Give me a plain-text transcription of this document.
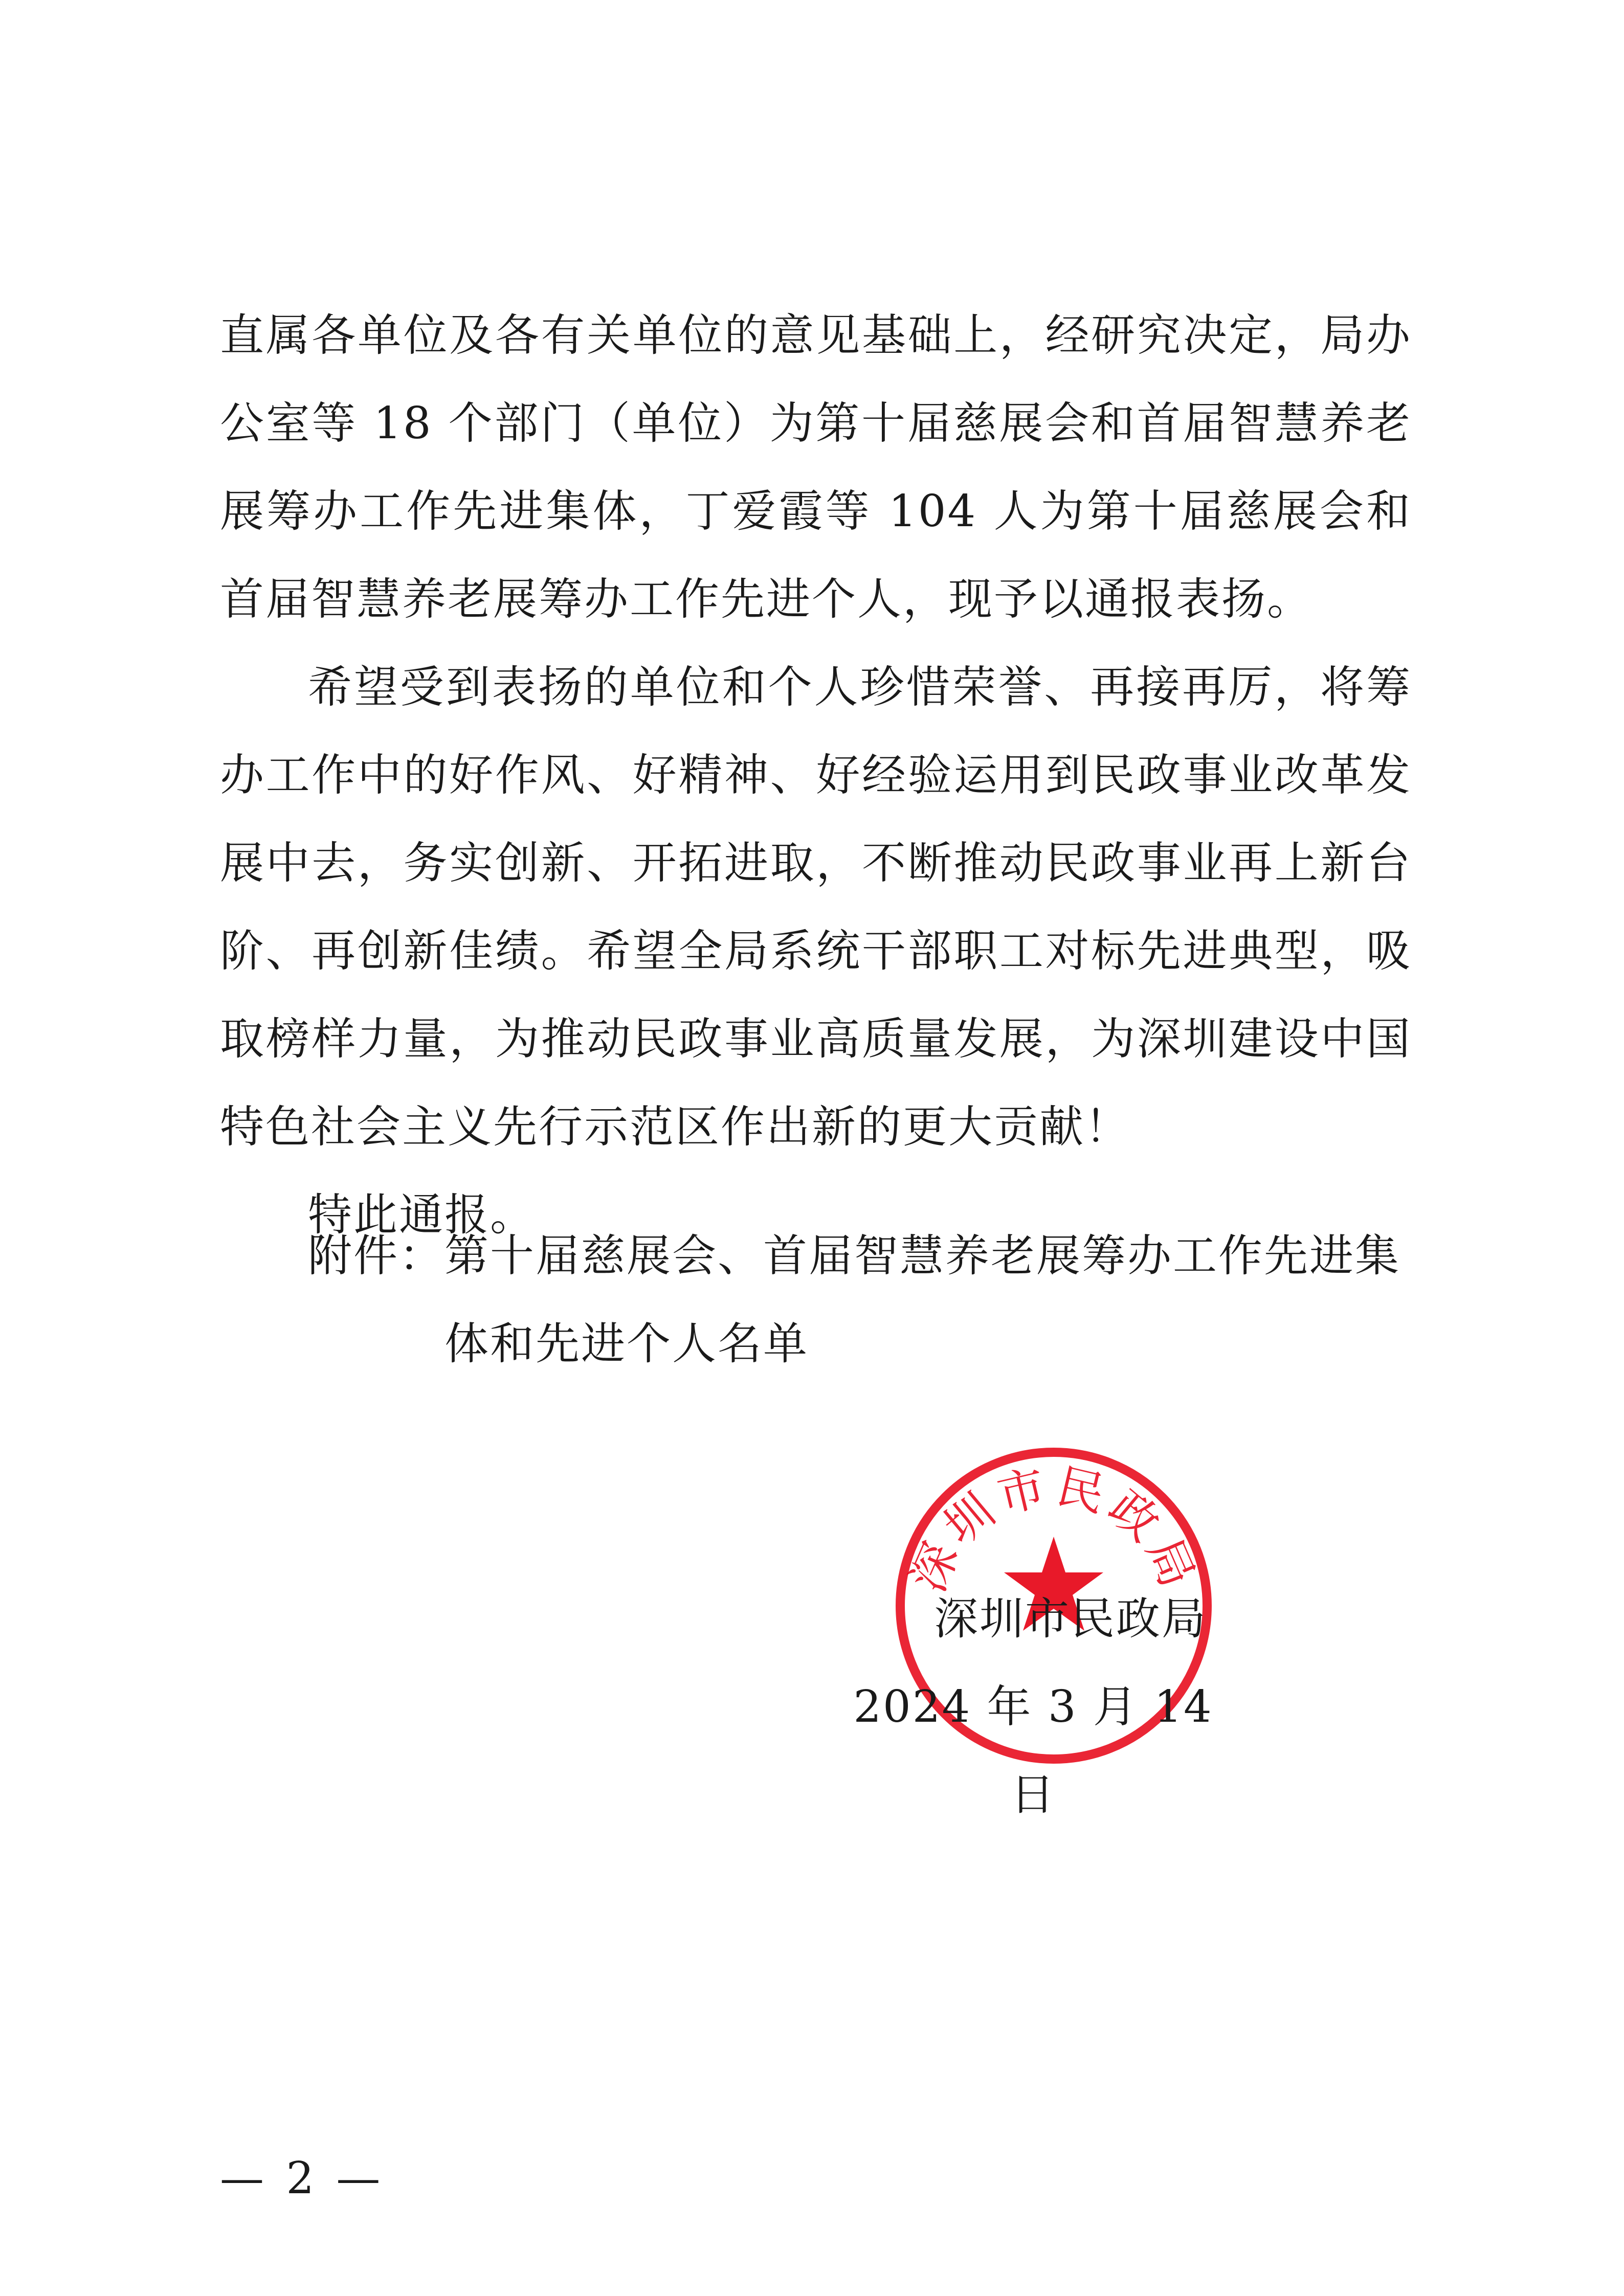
直属各单位及各有关单位的意见基础上，经研究决定，局办公室等 18 个部门（单位）为第十届慈展会和首届智慧养老展筹办工作先进集体，丁爱霞等 104 人为第十届慈展会和首届智慧养老展筹办工作先进个人，现予以通报表扬。

希望受到表扬的单位和个人珍惜荣誉、再接再厉，将筹办工作中的好作风、好精神、好经验运用到民政事业改革发展中去，务实创新、开拓进取，不断推动民政事业再上新台阶、再创新佳绩。希望全局系统干部职工对标先进典型，吸取榜样力量，为推动民政事业高质量发展，为深圳建设中国特色社会主义先行示范区作出新的更大贡献！

特此通报。

附件： 第十届慈展会、首届智慧养老展筹办工作先进集体和先进个人名单
深圳市民政局
深圳市民政局
2024 年 3 月 14 日
— 2 —
